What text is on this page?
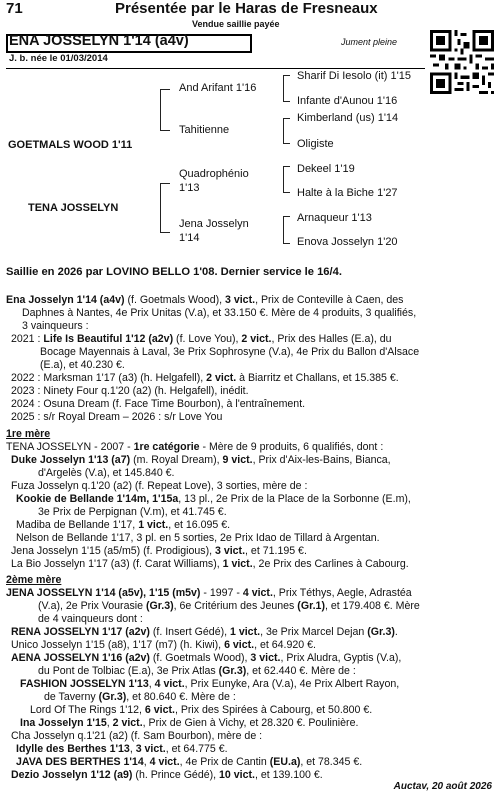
71	Présentée par le Haras de Fresneaux
Vendue saillie payée
ENA JOSSELYN 1'14 (a4v)	Jument pleine
J. b. née le 01/03/2014
GOETMALS WOOD 1'11
TENA JOSSELYN
And Arifant 1'16
Tahitienne
Quadrophénio
1'13
Jena Josselyn
1'14
Sharif Di Iesolo (it) 1'15
Infante d'Aunou 1'16
Kimberland (us) 1'14
Oligiste
Dekeel 1'19
Halte à la Biche 1'27
Arnaqueur 1'13
Enova Josselyn 1'20
Saillie en 2026 par LOVINO BELLO 1'08. Dernier service le 16/4.
Ena Josselyn 1'14 (a4v) (f. Goetmals Wood), 3 vict., Prix de Conteville à Caen, des
Daphnes à Nantes, 4e Prix Unitas (V.a), et 33.150 €. Mère de 4 produits, 3 qualifiés,
3 vainqueurs :
2021 : Life Is Beautiful 1'12 (a2v) (f. Love You), 2 vict., Prix des Halles (E.a), du
Bocage Mayennais à Laval, 3e Prix Sophrosyne (V.a), 4e Prix du Ballon d'Alsace
(E.a), et 40.230 €.
2022 : Marksman 1'17 (a3) (h. Helgafell), 2 vict. à Biarritz et Challans, et 15.385 €.
2023 : Ninety Four q.1'20 (a2) (h. Helgafell), inédit.
2024 : Osuna Dream (f. Face Time Bourbon), à l'entraînement.
2025 : s/r Royal Dream – 2026 : s/r Love You
1re mère
TENA JOSSELYN - 2007 - 1re catégorie - Mère de 9 produits, 6 qualifiés, dont :
Duke Josselyn 1'13 (a7) (m. Royal Dream), 9 vict., Prix d'Aix-les-Bains, Bianca,
d'Argelès (V.a), et 145.840 €.
Fuza Josselyn q.1'20 (a2) (f. Repeat Love), 3 sorties, mère de :
Kookie de Bellande 1'14m, 1'15a, 13 pl., 2e Prix de la Place de la Sorbonne (E.m),
3e Prix de Perpignan (V.m), et 41.745 €.
Madiba de Bellande 1'17, 1 vict., et 16.095 €.
Nelson de Bellande 1'17, 3 pl. en 5 sorties, 2e Prix Idao de Tillard à Argentan.
Jena Josselyn 1'15 (a5/m5) (f. Prodigious), 3 vict., et 71.195 €.
La Bio Josselyn 1'17 (a3) (f. Carat Williams), 1 vict., 2e Prix des Carlines à Cabourg.
2ème mère
JENA JOSSELYN 1'14 (a5v), 1'15 (m5v) - 1997 - 4 vict., Prix Téthys, Aegle, Adrastéa
(V.a), 2e Prix Vourasie (Gr.3), 6e Critérium des Jeunes (Gr.1), et 179.408 €. Mère
de 4 vainqueurs dont :
RENA JOSSELYN 1'17 (a2v) (f. Insert Gédé), 1 vict., 3e Prix Marcel Dejan (Gr.3).
Unico Josselyn 1'15 (a8), 1'17 (m7) (h. Kiwi), 6 vict., et 64.920 €.
AENA JOSSELYN 1'16 (a2v) (f. Goetmals Wood), 3 vict., Prix Aludra, Gyptis (V.a),
du Pont de Tolbiac (E.a), 3e Prix Atlas (Gr.3), et 62.440 €. Mère de :
FASHION JOSSELYN 1'13, 4 vict., Prix Eunyke, Ara (V.a), 4e Prix Albert Rayon,
de Taverny (Gr.3), et 80.640 €. Mère de :
Lord Of The Rings 1'12, 6 vict., Prix des Spirées à Cabourg, et 50.800 €.
Ina Josselyn 1'15, 2 vict., Prix de Gien à Vichy, et 28.320 €. Poulinière.
Cha Josselyn q.1'21 (a2) (f. Sam Bourbon), mère de :
Idylle des Berthes 1'13, 3 vict., et 64.775 €.
JAVA DES BERTHES 1'14, 4 vict., 4e Prix de Cantin (EU.a), et 78.345 €.
Dezio Josselyn 1'12 (a9) (h. Prince Gédé), 10 vict., et 139.100 €.
Auctav, 20 août 2026
